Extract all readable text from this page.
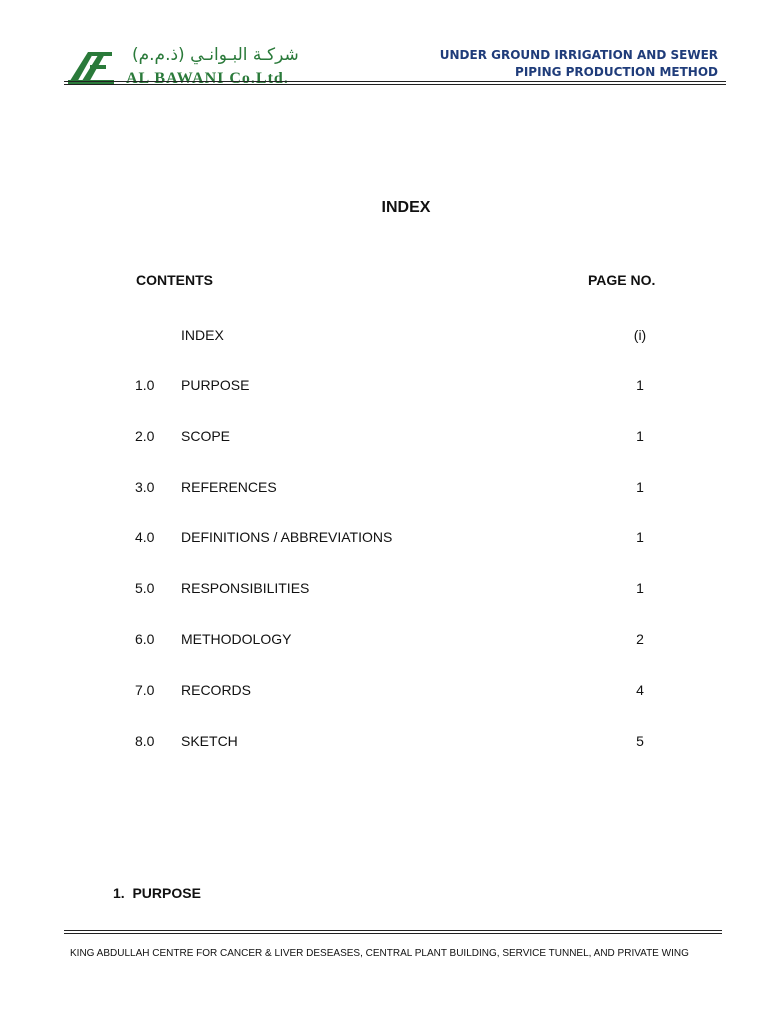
شركـة البـوانـي (ذ.م.م)
AL BAWANI Co.Ltd.
UNDER GROUND IRRIGATION AND SEWER
PIPING PRODUCTION METHOD
INDEX
CONTENTS	PAGE NO.
INDEX	(i)
1.0 PURPOSE	1
2.0 SCOPE	1
3.0 REFERENCES	1
4.0 DEFINITIONS / ABBREVIATIONS	1
5.0 RESPONSIBILITIES	1
6.0 METHODOLOGY	2
7.0 RECORDS	4
8.0 SKETCH	5
1. PURPOSE
KING ABDULLAH CENTRE FOR CANCER & LIVER DESEASES, CENTRAL PLANT BUILDING, SERVICE TUNNEL, AND PRIVATE WING
